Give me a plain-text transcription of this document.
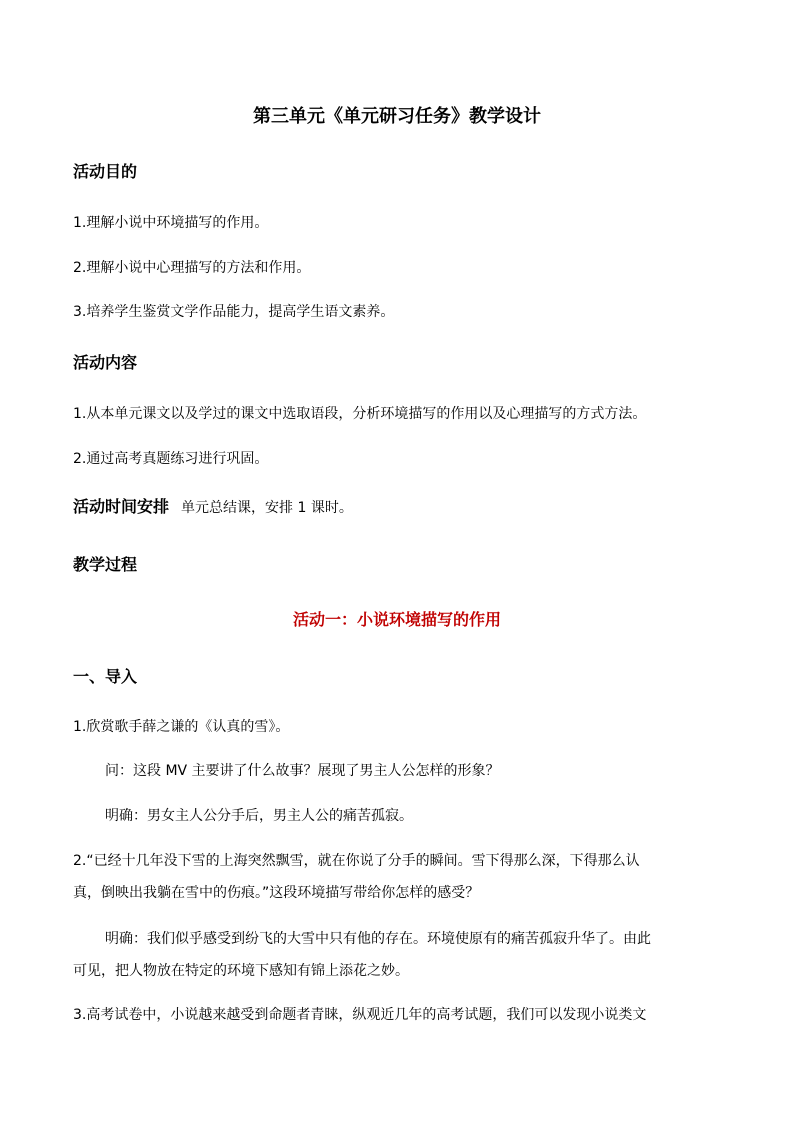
第三单元《单元研习任务》教学设计
活动目的
1.理解小说中环境描写的作用。
2.理解小说中心理描写的方法和作用。
3.培养学生鉴赏文学作品能力，提高学生语文素养。
活动内容
1.从本单元课文以及学过的课文中选取语段，分析环境描写的作用以及心理描写的方式方法。
2.通过高考真题练习进行巩固。
活动时间安排 单元总结课，安排 1 课时。
教学过程
活动一：小说环境描写的作用
一、导入
1.欣赏歌手薛之谦的《认真的雪》。
问：这段 MV 主要讲了什么故事？展现了男主人公怎样的形象？
明确：男女主人公分手后，男主人公的痛苦孤寂。
2.“已经十几年没下雪的上海突然飘雪，就在你说了分手的瞬间。雪下得那么深，下得那么认
真，倒映出我躺在雪中的伤痕。”这段环境描写带给你怎样的感受？
明确：我们似乎感受到纷飞的大雪中只有他的存在。环境使原有的痛苦孤寂升华了。由此
可见，把人物放在特定的环境下感知有锦上添花之妙。
3.高考试卷中，小说越来越受到命题者青睐，纵观近几年的高考试题，我们可以发现小说类文
